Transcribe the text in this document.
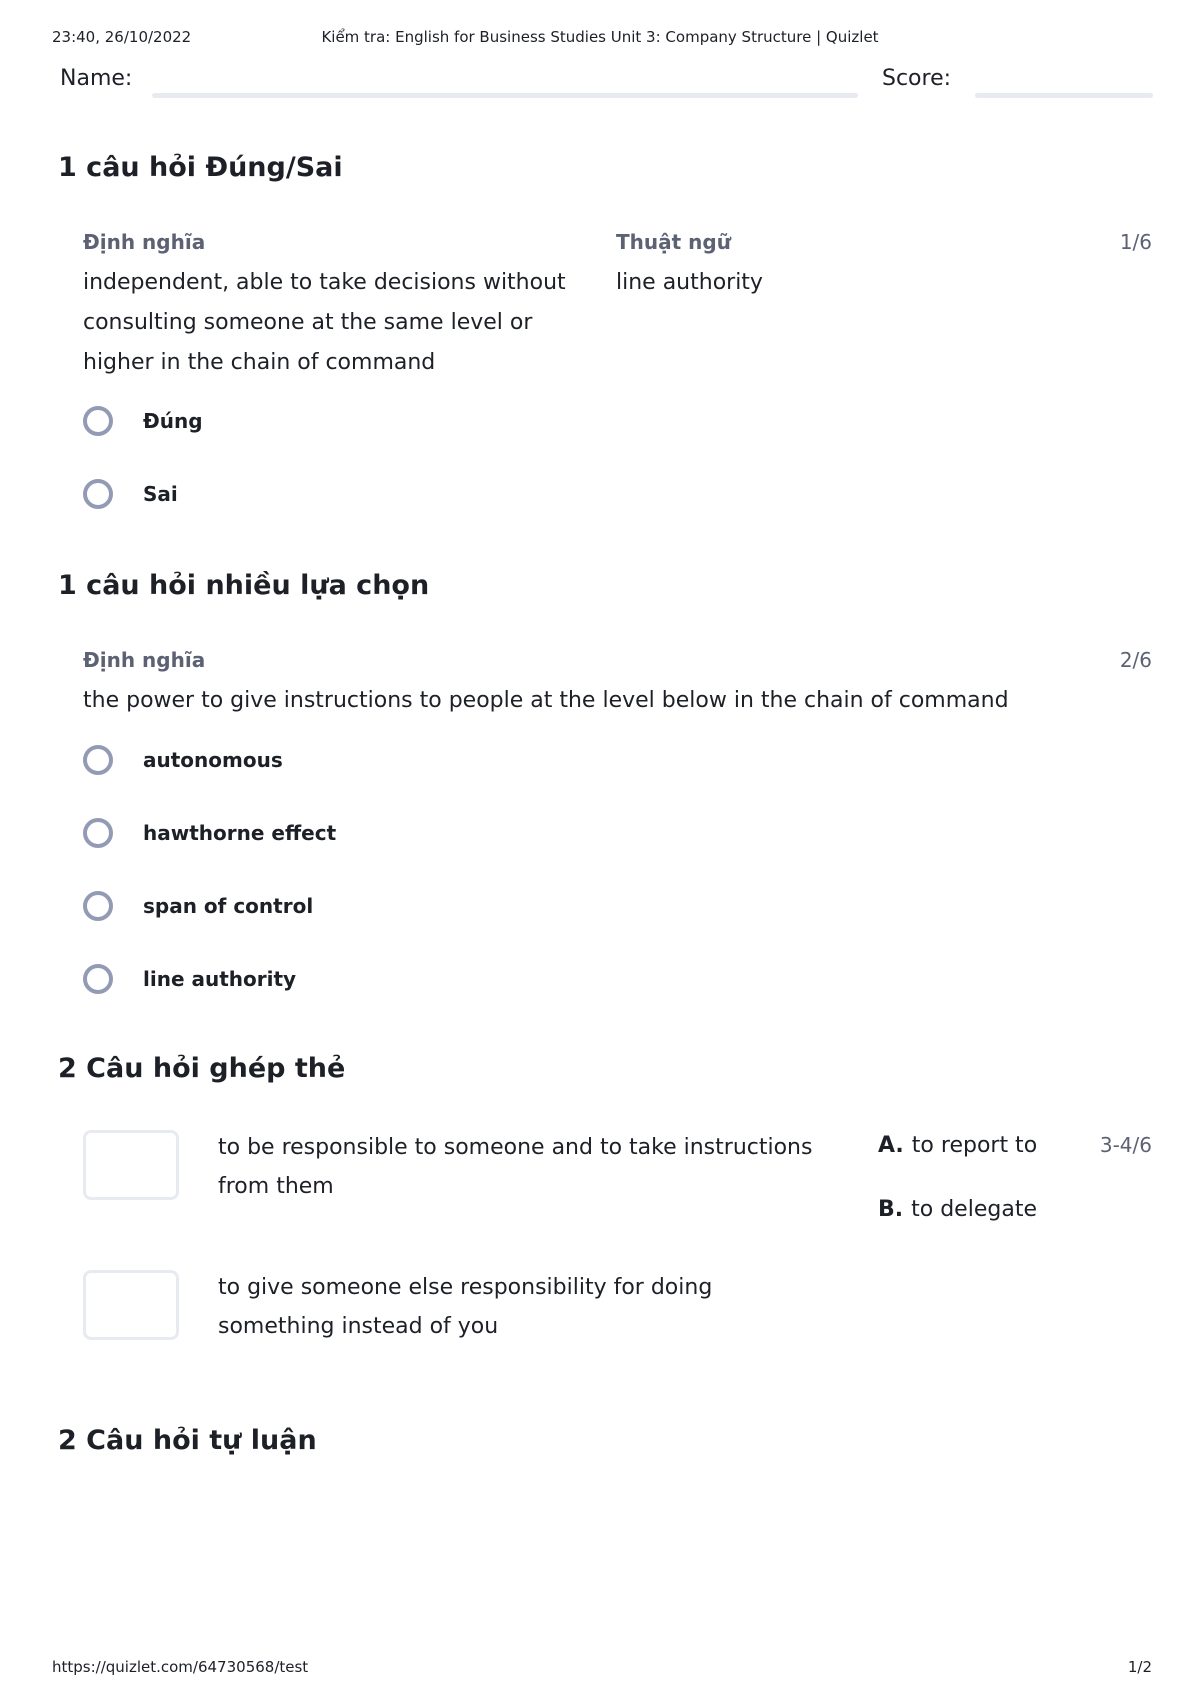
23:40, 26/10/2022	Kiểm tra: English for Business Studies Unit 3: Company Structure | Quizlet
Name:	Score:
1 câu hỏi Đúng/Sai
Định nghĩa	Thuật ngữ	1/6
independent, able to take decisions without
consulting someone at the same level or
higher in the chain of command
line authority
Đúng
Sai
1 câu hỏi nhiều lựa chọn
Định nghĩa	2/6
the power to give instructions to people at the level below in the chain of command
autonomous
hawthorne effect
span of control
line authority
2 Câu hỏi ghép thẻ
3-4/6
to be responsible to someone and to take instructions
from them
to give someone else responsibility for doing
something instead of you
A. to report to
B. to delegate
2 Câu hỏi tự luận
https://quizlet.com/64730568/test	1/2
